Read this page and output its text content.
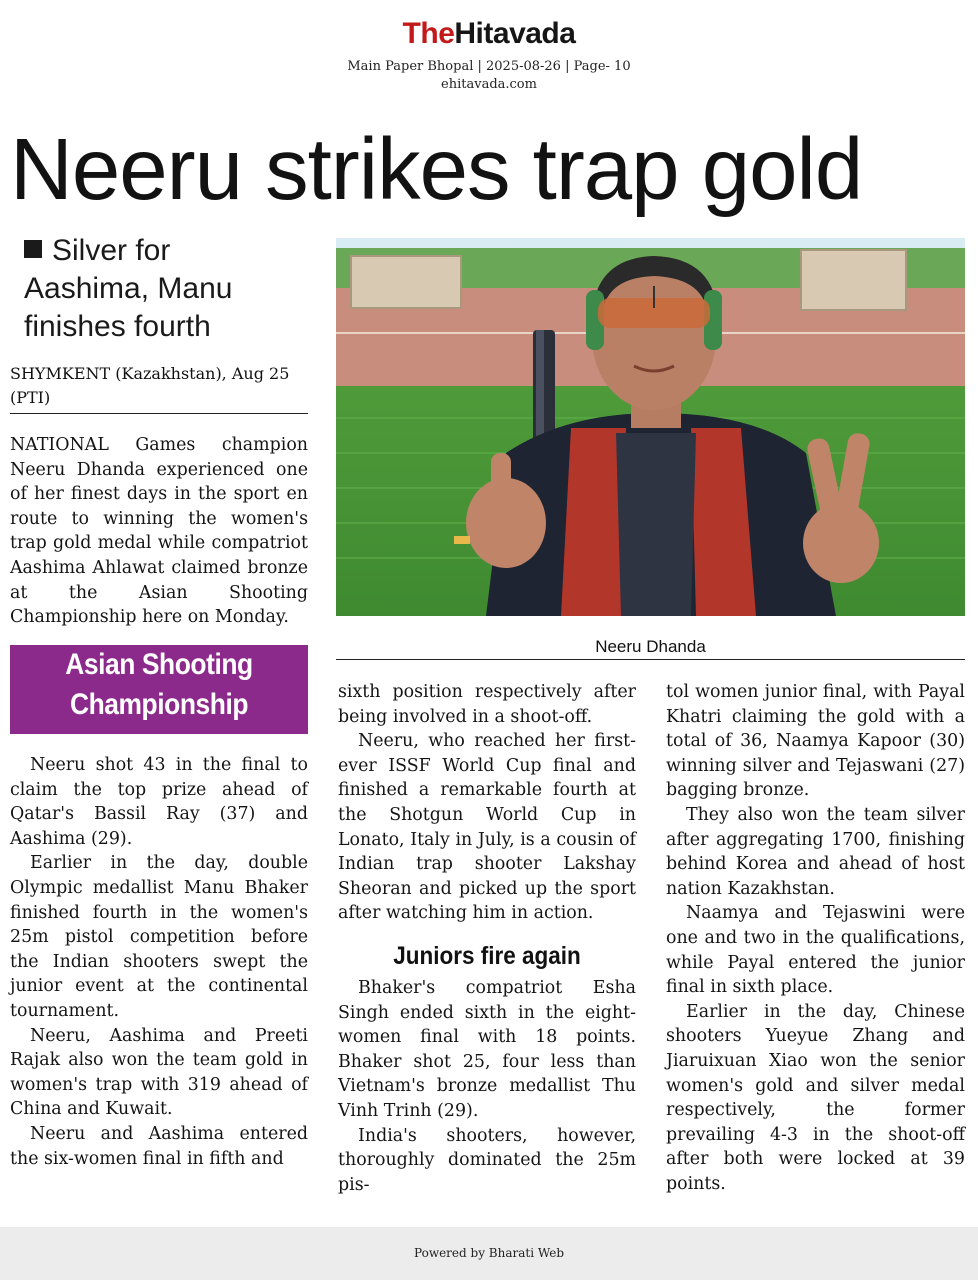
TheHitavada
Main Paper Bhopal | 2025-08-26 | Page- 10
ehitavada.com
Neeru strikes trap gold
Silver for
Aashima, Manu
finishes fourth
SHYMKENT (Kazakhstan), Aug 25
(PTI)

NATIONAL Games champion Neeru Dhanda experienced one of her finest days in the sport en route to winning the women's trap gold medal while compatriot Aashima Ahlawat claimed bronze at the Asian Shooting Championship here on Monday.

Asian Shooting
Championship

Neeru shot 43 in the final to claim the top prize ahead of Qatar's Bassil Ray (37) and Aashima (29).

Earlier in the day, double Olympic medallist Manu Bhaker finished fourth in the women's 25m pistol competition before the Indian shooters swept the junior event at the continental tournament.

Neeru, Aashima and Preeti Rajak also won the team gold in women's trap with 319 ahead of China and Kuwait.

Neeru and Aashima entered the six-women final in fifth and

Neeru Dhanda

sixth position respectively after being involved in a shoot-off.

Neeru, who reached her first-ever ISSF World Cup final and finished a remarkable fourth at the Shotgun World Cup in Lonato, Italy in July, is a cousin of Indian trap shooter Lakshay Sheoran and picked up the sport after watching him in action.

Juniors fire again

Bhaker's compatriot Esha Singh ended sixth in the eight-women final with 18 points. Bhaker shot 25, four less than Vietnam's bronze medallist Thu Vinh Trinh (29).

India's shooters, however, thoroughly dominated the 25m pis-

tol women junior final, with Payal Khatri claiming the gold with a total of 36, Naamya Kapoor (30) winning silver and Tejaswani (27) bagging bronze.

They also won the team silver after aggregating 1700, finishing behind Korea and ahead of host nation Kazakhstan.

Naamya and Tejaswini were one and two in the qualifications, while Payal entered the junior final in sixth place.

Earlier in the day, Chinese shooters Yueyue Zhang and Jiaruixuan Xiao won the senior women's gold and silver medal respectively, the former prevailing 4-3 in the shoot-off after both were locked at 39 points.

Powered by Bharati Web
